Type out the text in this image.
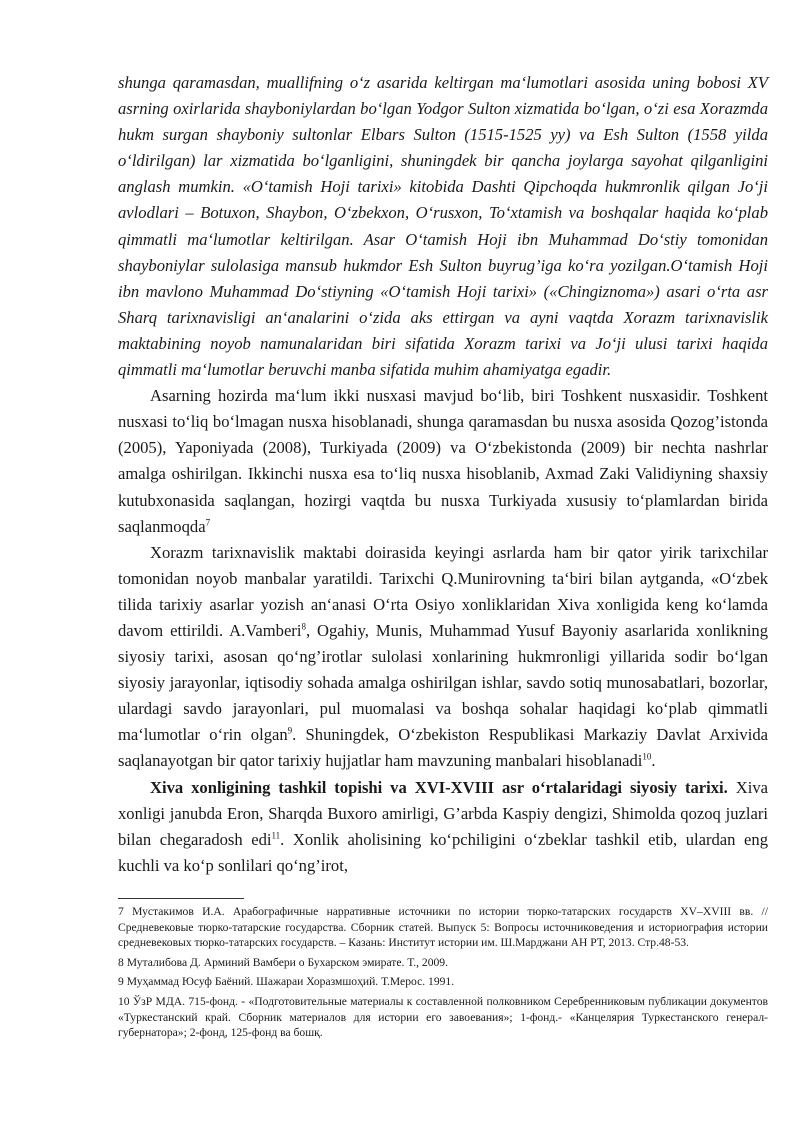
shunga qaramasdan, muallifning o‘z asarida keltirgan ma‘lumotlari asosida uning bobosi XV asrning oxirlarida shayboniylardan bo‘lgan Yodgor Sulton xizmatida bo‘lgan, o‘zi esa Xorazmda hukm surgan shayboniy sultonlar Elbars Sulton (1515-1525 yy) va Esh Sulton (1558 yilda o‘ldirilgan) lar xizmatida bo‘lganligini, shuningdek bir qancha joylarga sayohat qilganligini anglash mumkin. «O‘tamish Hoji tarixi» kitobida Dashti Qipchoqda hukmronlik qilgan Jo‘ji avlodlari – Botuxon, Shaybon, O‘zbekxon, O‘rusxon, To‘xtamish va boshqalar haqida ko‘plab qimmatli ma‘lumotlar keltirilgan. Asar O‘tamish Hoji ibn Muhammad Do‘stiy tomonidan shayboniylar sulolasiga mansub hukmdor Esh Sulton buyrug’iga ko‘ra yozilgan.O‘tamish Hoji ibn mavlono Muhammad Do‘stiyning «O‘tamish Hoji tarixi» («Chingiznoma») asari o‘rta asr Sharq tarixnavisligi an‘analarini o‘zida aks ettirgan va ayni vaqtda Xorazm tarixnavislik maktabining noyob namunalaridan biri sifatida Xorazm tarixi va Jo‘ji ulusi tarixi haqida qimmatli ma‘lumotlar beruvchi manba sifatida muhim ahamiyatga egadir.

Asarning hozirda ma‘lum ikki nusxasi mavjud bo‘lib, biri Toshkent nusxasidir. Toshkent nusxasi to‘liq bo‘lmagan nusxa hisoblanadi, shunga qaramasdan bu nusxa asosida Qozog’istonda (2005), Yaponiyada (2008), Turkiyada (2009) va O‘zbekistonda (2009) bir nechta nashrlar amalga oshirilgan. Ikkinchi nusxa esa to‘liq nusxa hisoblanib, Axmad Zaki Validiyning shaxsiy kutubxonasida saqlangan, hozirgi vaqtda bu nusxa Turkiyada xususiy to‘plamlardan birida saqlanmoqda$^7$

Xorazm tarixnavislik maktabi doirasida keyingi asrlarda ham bir qator yirik tarixchilar tomonidan noyob manbalar yaratildi. Tarixchi Q.Munirovning ta‘biri bilan aytganda, «O‘zbek tilida tarixiy asarlar yozish an‘anasi O‘rta Osiyo xonliklaridan Xiva xonligida keng ko‘lamda davom ettirildi. A.Vamberi$^8$, Ogahiy, Munis, Muhammad Yusuf Bayoniy asarlarida xonlikning siyosiy tarixi, asosan qo‘ng’irotlar sulolasi xonlarining hukmronligi yillarida sodir bo‘lgan siyosiy jarayonlar, iqtisodiy sohada amalga oshirilgan ishlar, savdo sotiq munosabatlari, bozorlar, ulardagi savdo jarayonlari, pul muomalasi va boshqa sohalar haqidagi ko‘plab qimmatli ma‘lumotlar o‘rin olgan$^9$. Shuningdek, O‘zbekiston Respublikasi Markaziy Davlat Arxivida saqlanayotgan bir qator tarixiy hujjatlar ham mavzuning manbalari hisoblanadi$^{10}$.

Xiva xonligining tashkil topishi va XVI-XVIII asr o‘rtalaridagi siyosiy tarixi. Xiva xonligi janubda Eron, Sharqda Buxoro amirligi, G’arbda Kaspiy dengizi, Shimolda qozoq juzlari bilan chegaradosh edi$^{11}$. Xonlik aholisining ko‘pchiligini o‘zbeklar tashkil etib, ulardan eng kuchli va ko‘p sonlilari qo‘ng’irot,

7 Мустакимов И.А. Арабографичные нарративные источники по истории тюрко-татарских государств XV–XVIII вв. // Средневековые тюрко-татарские государства. Сборник статей. Выпуск 5: Вопросы источниковедения и историография истории средневековых тюрко-татарских государств. – Казань: Институт истории им. Ш.Марджани АН РТ, 2013. Стр.48-53.

8 Муталибова Д. Арминий Вамбери о Бухарском эмирате. Т., 2009.

9 Муҳаммад Юсуф Баёний. Шажараи Хоразмшоҳий. Т.Мерос. 1991.

10 ЎзР МДА. 715-фонд. - «Подготовительные материалы к составленной полковником Серебренниковым публикации документов «Туркестанский край. Сборник материалов для истории его завоевания»; 1-фонд.- «Канцелярия Туркестанского генерал-губернатора»; 2-фонд, 125-фонд ва бошқ.
